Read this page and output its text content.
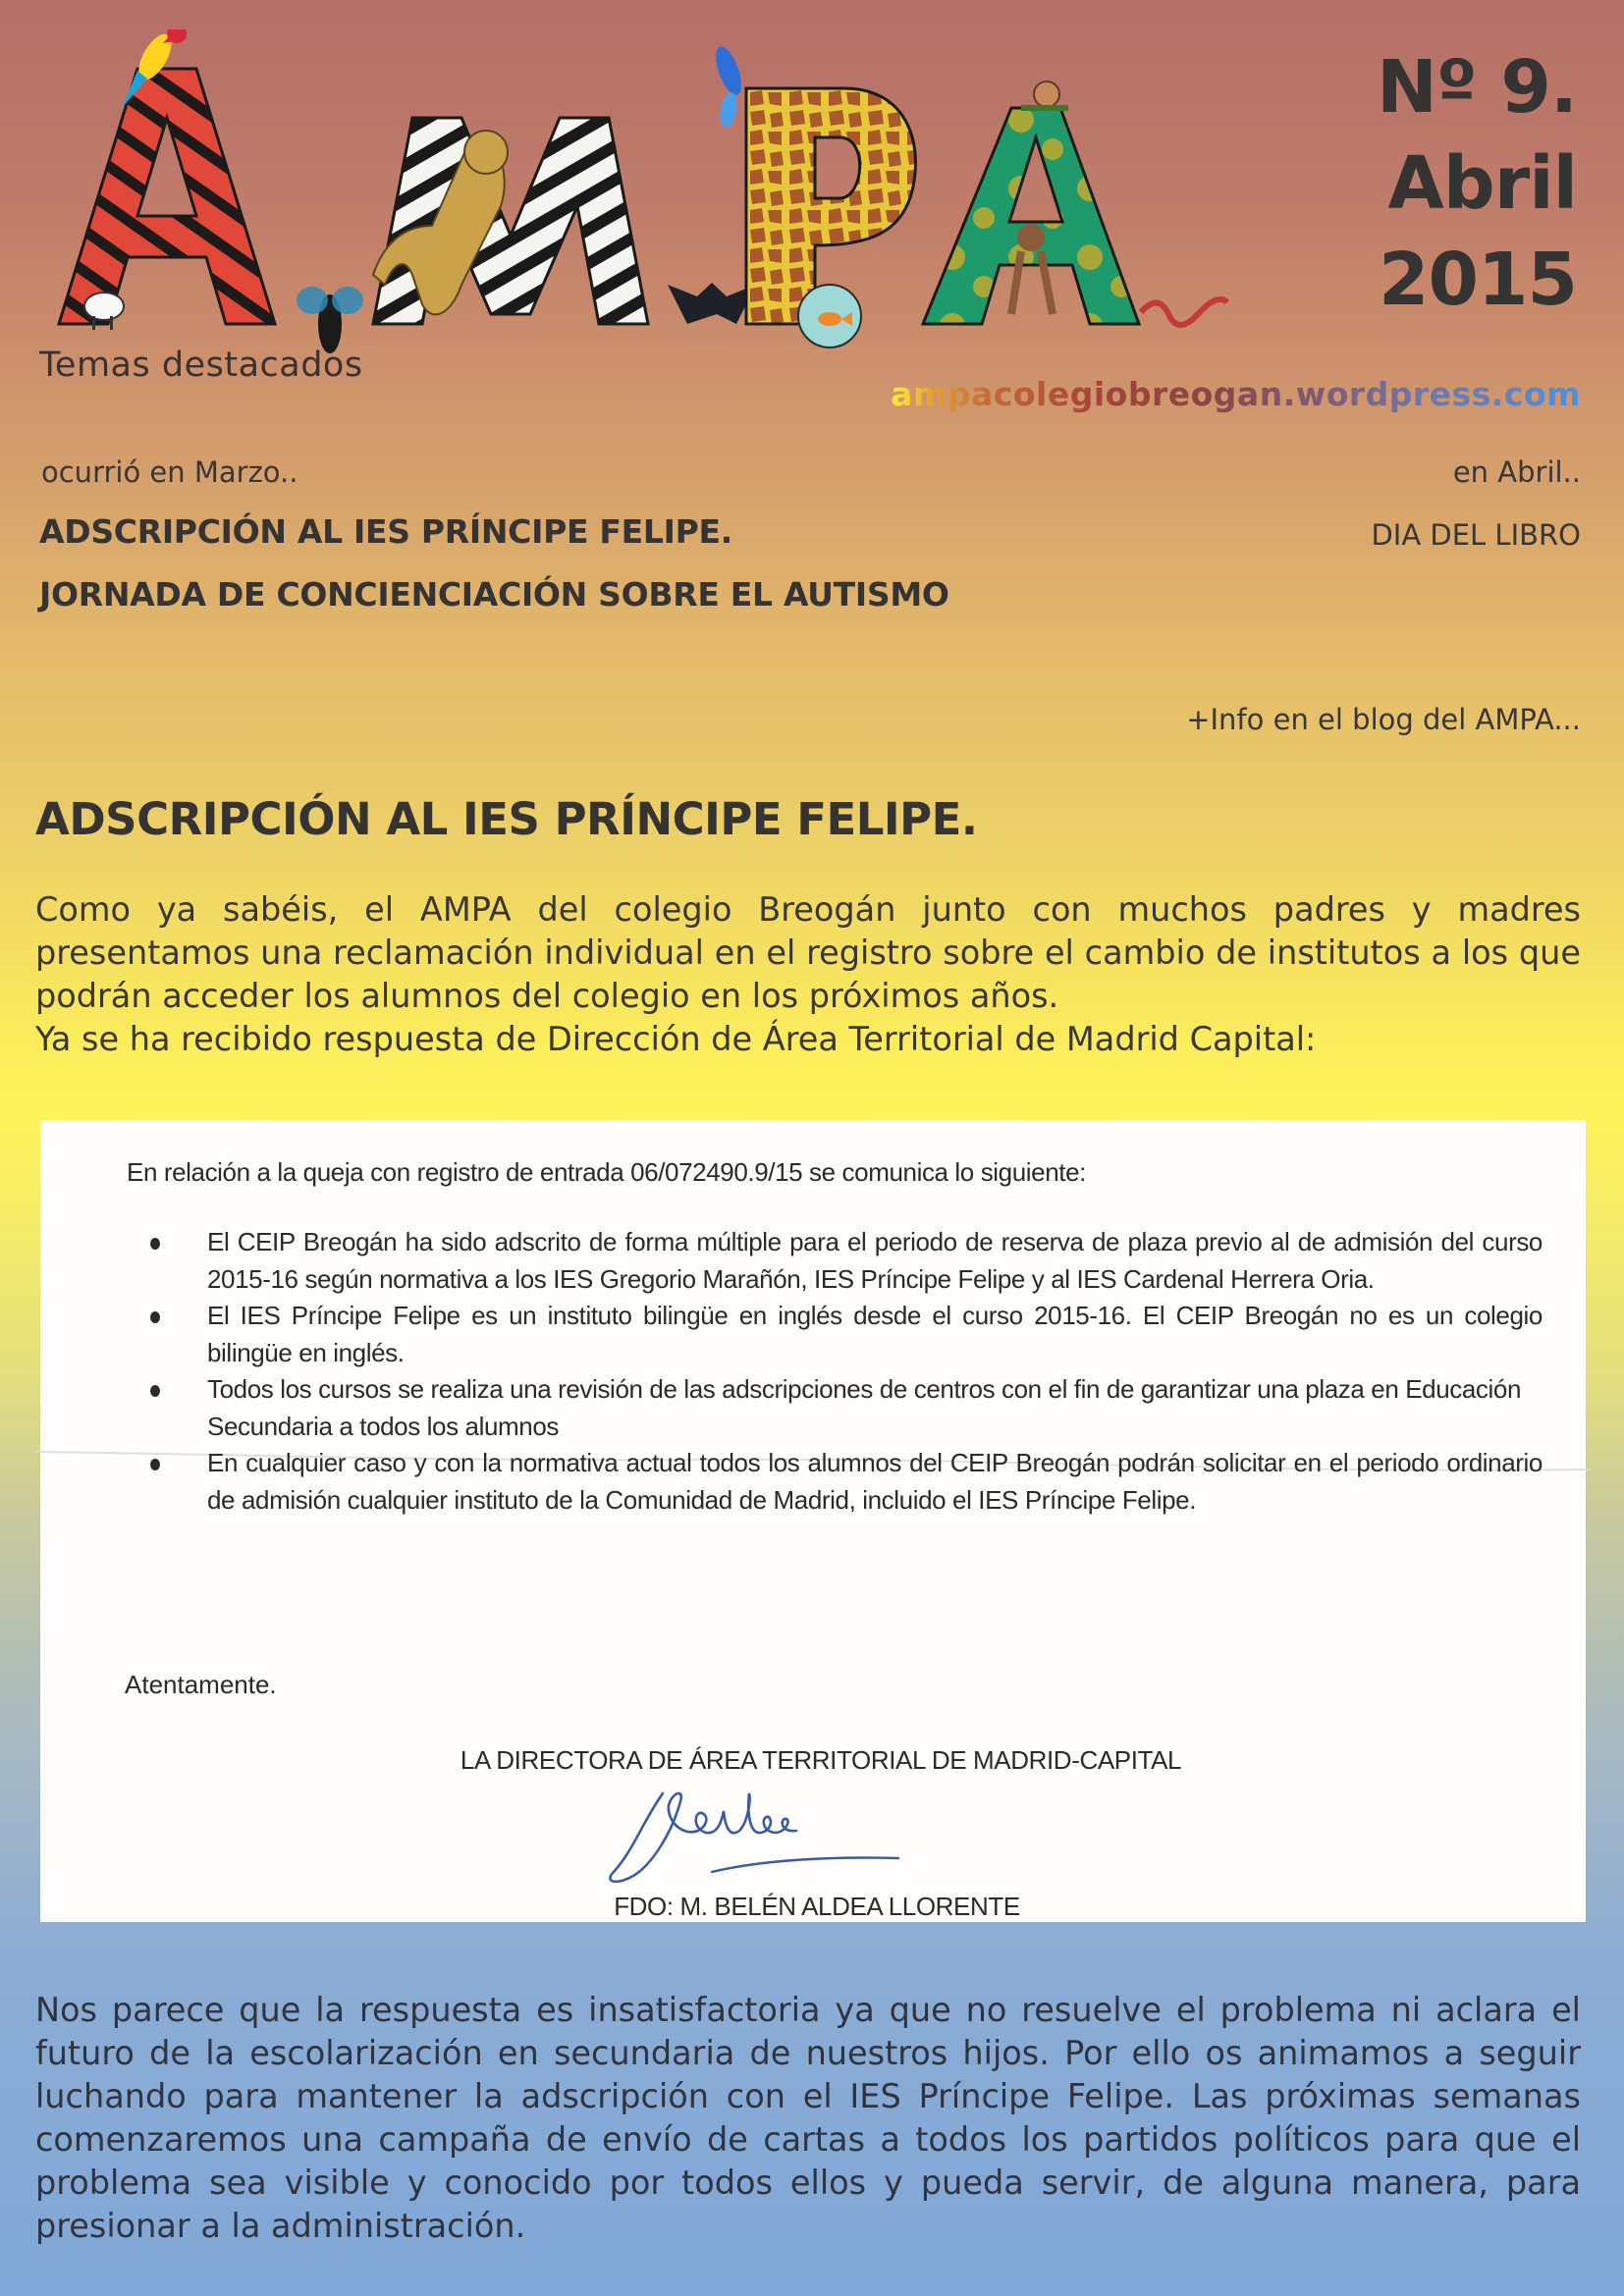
Nº 9.
Abril
2015
Temas destacados
ampacolegiobreogan.wordpress.com
ocurrió en Marzo..	en Abril..
ADSCRIPCIÓN AL IES PRÍNCIPE FELIPE.
JORNADA DE CONCIENCIACIÓN SOBRE EL AUTISMO
DIA DEL LIBRO
+Info en el blog del AMPA...
ADSCRIPCIÓN AL IES PRÍNCIPE FELIPE.

Como ya sabéis, el AMPA del colegio Breogán junto con muchos padres y madres presentamos una reclamación individual en el registro sobre el cambio de institutos a los que podrán acceder los alumnos del colegio en los próximos años.

Ya se ha recibido respuesta de Dirección de Área Territorial de Madrid Capital:

En relación a la queja con registro de entrada 06/072490.9/15 se comunica lo siguiente:
El CEIP Breogán ha sido adscrito de forma múltiple para el periodo de reserva de plaza previo al de admisión del curso 2015-16 según normativa a los IES Gregorio Marañón, IES Príncipe Felipe y al IES Cardenal Herrera Oria.
El IES Príncipe Felipe es un instituto bilingüe en inglés desde el curso 2015-16. El CEIP Breogán no es un colegio bilingüe en inglés.
Todos los cursos se realiza una revisión de las adscripciones de centros con el fin de garantizar una plaza en Educación Secundaria a todos los alumnos
En cualquier caso y con la normativa actual todos los alumnos del CEIP Breogán podrán solicitar en el periodo ordinario de admisión cualquier instituto de la Comunidad de Madrid, incluido el IES Príncipe Felipe.
Atentamente.
LA DIRECTORA DE ÁREA TERRITORIAL DE MADRID-CAPITAL
FDO: M. BELÉN ALDEA LLORENTE
Nos parece que la respuesta es insatisfactoria ya que no resuelve el problema ni aclara el futuro de la escolarización en secundaria de nuestros hijos. Por ello os animamos a seguir luchando para mantener la adscripción con el IES Príncipe Felipe. Las próximas semanas comenzaremos una campaña de envío de cartas a todos los partidos políticos para que el problema sea visible y conocido por todos ellos y pueda servir, de alguna manera, para presionar a la administración.
